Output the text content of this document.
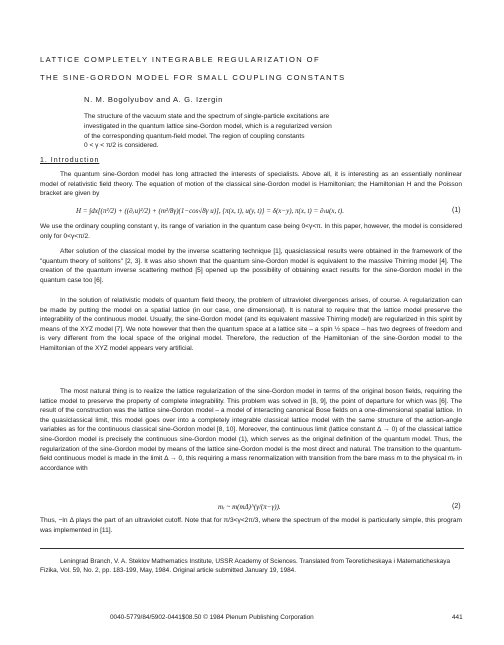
LATTICE COMPLETELY INTEGRABLE REGULARIZATION OF
THE SINE-GORDON MODEL FOR SMALL COUPLING CONSTANTS
N. M. Bogolyubov and A. G. Izergin

The structure of the vacuum state and the spectrum of single-particle excitations are

investigated in the quantum lattice sine-Gordon model, which is a regularized version

of the corresponding quantum-field model. The region of coupling constants

0 < γ < π/2 is considered.

1. Introduction

The quantum sine-Gordon model has long attracted the interests of specialists. Above all, it is interesting as an essentially nonlinear model of relativistic field theory. The equation of motion of the classical sine-Gordon model is Hamiltonian; the Hamiltonian H and the Poisson bracket are given by

H = ∫dx[(π²/2) + ((∂ₓu)²/2) + (m²/8γ)(1−cos√8γ u)], {π(x, t), u(y, t)} = δ(x−y), π(x, t) = ∂ₜu(x, t).	(1)

We use the ordinary coupling constant γ, its range of variation in the quantum case being 0<γ<π. In this paper, however, the model is considered only for 0<γ<π/2.

After solution of the classical model by the inverse scattering technique [1], quasiclassical results were obtained in the framework of the "quantum theory of solitons" [2, 3]. It was also shown that the quantum sine-Gordon model is equivalent to the massive Thirring model [4]. The creation of the quantum inverse scattering method [5] opened up the possibility of obtaining exact results for the sine-Gordon model in the quantum case too [6].

In the solution of relativistic models of quantum field theory, the problem of ultraviolet divergences arises, of course. A regularization can be made by putting the model on a spatial lattice (in our case, one dimensional). It is natural to require that the lattice model preserve the integrability of the continuous model. Usually, the sine-Gordon model (and its equivalent massive Thirring model) are regularized in this spirit by means of the XYZ model [7]. We note however that then the quantum space at a lattice site – a spin ½ space – has two degrees of freedom and is very different from the local space of the original model. Therefore, the reduction of the Hamiltonian of the sine-Gordon model to the Hamiltonian of the XYZ model appears very artificial.

The most natural thing is to realize the lattice regularization of the sine-Gordon model in terms of the original boson fields, requiring the lattice model to preserve the property of complete integrability. This problem was solved in [8, 9], the point of departure for which was [6]. The result of the construction was the lattice sine-Gordon model – a model of interacting canonical Bose fields on a one-dimensional spatial lattice. In the quasiclassical limit, this model goes over into a completely integrable classical lattice model with the same structure of the action-angle variables as for the continuous classical sine-Gordon model [8, 10]. Moreover, the continuous limit (lattice constant Δ → 0) of the classical lattice sine-Gordon model is precisely the continuous sine-Gordon model (1), which serves as the original definition of the quantum model. Thus, the regularization of the sine-Gordon model by means of the lattice sine-Gordon model is the most direct and natural. The transition to the quantum-field continuous model is made in the limit Δ → 0, this requiring a mass renormalization with transition from the bare mass m to the physical mᵣ in accordance with

mᵣ ~ m(mΔ)^(γ/(π−γ)).	(2)

Thus, −ln Δ plays the part of an ultraviolet cutoff. Note that for π/3<γ<2π/3, where the spectrum of the model is particularly simple, this program was implemented in [11].

Leningrad Branch, V. A. Steklov Mathematics Institute, USSR Academy of Sciences. Translated from Teoreticheskaya i Matematicheskaya Fizika, Vol. 59, No. 2, pp. 183-199, May, 1984. Original article submitted January 19, 1984.

0040-5779/84/5902-0441$08.50 © 1984 Plenum Publishing Corporation	441
